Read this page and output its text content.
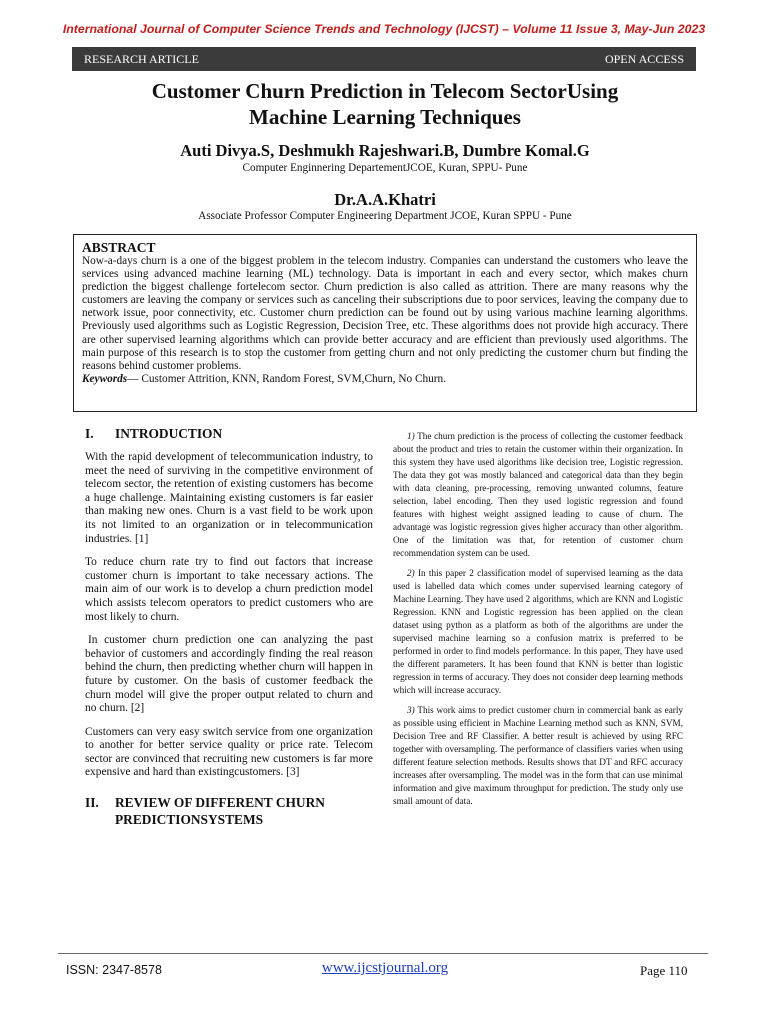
International Journal of Computer Science Trends and Technology (IJCST) – Volume 11 Issue 3, May-Jun 2023
RESEARCH ARTICLE	OPEN ACCESS
Customer Churn Prediction in Telecom SectorUsing
Machine Learning Techniques
Auti Divya.S, Deshmukh Rajeshwari.B, Dumbre Komal.G
Computer Enginnering DepartementJCOE, Kuran, SPPU- Pune
Dr.A.A.Khatri
Associate Professor Computer Engineering Department JCOE, Kuran SPPU - Pune
ABSTRACT
Now-a-days churn is a one of the biggest problem in the telecom industry. Companies can understand the customers who leave the services using advanced machine learning (ML) technology. Data is important in each and every sector, which makes churn prediction the biggest challenge fortelecom sector. Churn prediction is also called as attrition. There are many reasons why the customers are leaving the company or services such as canceling their subscriptions due to poor services, leaving the company due to network issue, poor connectivity, etc. Customer churn prediction can be found out by using various machine learning algorithms. Previously used algorithms such as Logistic Regression, Decision Tree, etc. These algorithms does not provide high accuracy. There are other supervised learning algorithms which can provide better accuracy and are efficient than previously used algorithms. The main purpose of this research is to stop the customer from getting churn and not only predicting the customer churn but finding the reasons behind customer problems.
Keywords— Customer Attrition, KNN, Random Forest, SVM,Churn, No Churn.
I. INTRODUCTION

With the rapid development of telecommunication industry, to meet the need of surviving in the competitive environment of telecom sector, the retention of existing customers has become a huge challenge. Maintaining existing customers is far easier than making new ones. Churn is a vast field to be work upon its not limited to an organization or in telecommunication industries. [1]

To reduce churn rate try to find out factors that increase customer churn is important to take necessary actions. The main aim of our work is to develop a churn prediction model which assists telecom operators to predict customers who are most likely to churn.

In customer churn prediction one can analyzing the past behavior of customers and accordingly finding the real reason behind the churn, then predicting whether churn will happen in future by customer. On the basis of customer feedback the churn model will give the proper output related to churn and no churn. [2]

Customers can very easy switch service from one organization to another for better service quality or price rate. Telecom sector are convinced that recruiting new customers is far more expensive and hard than existingcustomers. [3]

II. REVIEW OF DIFFERENT CHURN
PREDICTIONSYSTEMS

1) The churn prediction is the process of collecting the customer feedback about the product and tries to retain the customer within their organization. In this system they have used algorithms like decision tree, Logistic regression. The data they got was mostly balanced and categorical data than they begin with data cleaning, pre-processing, removing unwanted columns, feature selection, label encoding. Then they used logistic regression and found features with highest weight assigned leading to cause of churn. The advantage was logistic regression gives higher accuracy than other algorithm. One of the limitation was that, for retention of customer churn recommendation system can be used.

2) In this paper 2 classification model of supervised learning as the data used is labelled data which comes under supervised learning category of Machine Learning. They have used 2 algorithms, which are KNN and Logistic Regression. KNN and Logistic regression has been applied on the clean dataset using python as a platform as both of the algorithms are under the supervised machine learning so a confusion matrix is preferred to be performed in order to find models performance. In this paper, They have used the different parameters. It has been found that KNN is better than logistic regression in terms of accuracy. They does not consider deep learning methods which will increase accuracy.

3) This work aims to predict customer churn in commercial bank as early as possible using efficient in Machine Learning method such as KNN, SVM, Decision Tree and RF Classifier. A better result is achieved by using RFC together with oversampling. The performance of classifiers varies when using different feature selection methods. Results shows that DT and RFC accuracy increases after oversampling. The model was in the form that can use minimal information and give maximum throughput for prediction. The study only use small amount of data.

ISSN: 2347-8578	www.ijcstjournal.org	Page 110
